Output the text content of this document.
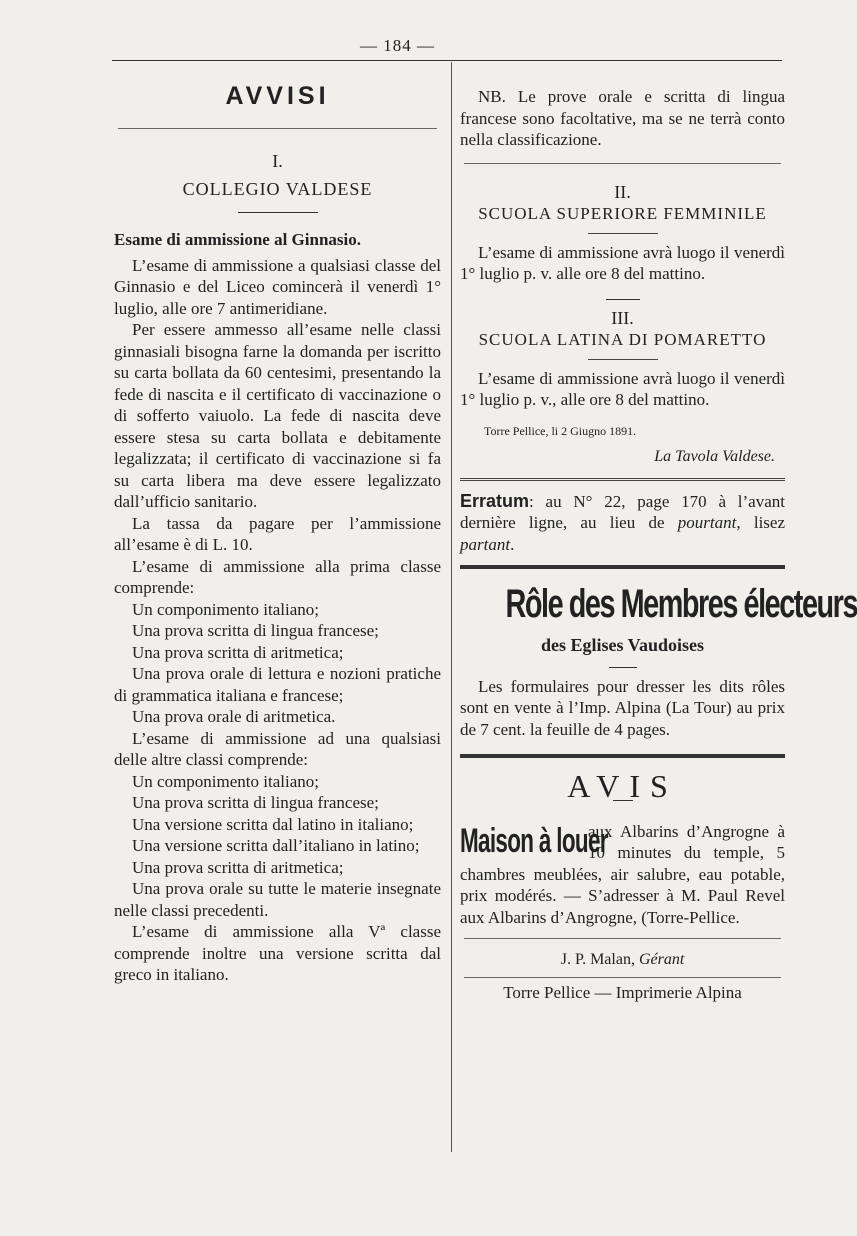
— 184 —
AVVISI
I.
COLLEGIO VALDESE
Esame di ammissione al Ginnasio.

L’esame di ammissione a qualsiasi classe del Ginnasio e del Liceo comincerà il venerdì 1° luglio, alle ore 7 antimeridiane.

Per essere ammesso all’esame nelle classi ginnasiali bisogna farne la domanda per iscritto su carta bollata da 60 centesimi, presentando la fede di nascita e il certificato di vaccinazione o di sofferto vaiuolo. La fede di nascita deve essere stesa su carta bollata e debitamente legalizzata; il certificato di vaccinazione si fa su carta libera ma deve essere legalizzato dall’ufficio sanitario.

La tassa da pagare per l’ammissione all’esame è di L. 10.

L’esame di ammissione alla prima classe comprende:

Un componimento italiano;

Una prova scritta di lingua francese;

Una prova scritta di aritmetica;

Una prova orale di lettura e nozioni pratiche di grammatica italiana e francese;

Una prova orale di aritmetica.

L’esame di ammissione ad una qualsiasi delle altre classi comprende:

Un componimento italiano;

Una prova scritta di lingua francese;

Una versione scritta dal latino in italiano;

Una versione scritta dall’italiano in latino;

Una prova scritta di aritmetica;

Una prova orale su tutte le materie insegnate nelle classi precedenti.

L’esame di ammissione alla Vª classe comprende inoltre una versione scritta dal greco in italiano.

NB. Le prove orale e scritta di lingua francese sono facoltative, ma se ne terrà conto nella classificazione.

II.
SCUOLA SUPERIORE FEMMINILE

L’esame di ammissione avrà luogo il venerdì 1° luglio p. v. alle ore 8 del mattino.

III.
SCUOLA LATINA DI POMARETTO

L’esame di ammissione avrà luogo il venerdì 1° luglio p. v., alle ore 8 del mattino.

Torre Pellice, li 2 Giugno 1891.
La Tavola Valdese.

Erratum: au N° 22, page 170 à l’avant dernière ligne, au lieu de pourtant, lisez partant.

Rôle des Membres électeurs
des Eglises Vaudoises

Les formulaires pour dresser les dits rôles sont en vente à l’Imp. Alpina (La Tour) au prix de 7 cent. la feuille de 4 pages.

AVIS
Maison à louer

aux Albarins d’Angrogne à 10 minutes du temple, 5 chambres meublées, air salubre, eau potable, prix modérés. — S’adresser à M. Paul Revel aux Albarins d’Angrogne, (Torre-Pellice.

J. P. Malan, Gérant
Torre Pellice — Imprimerie Alpina
